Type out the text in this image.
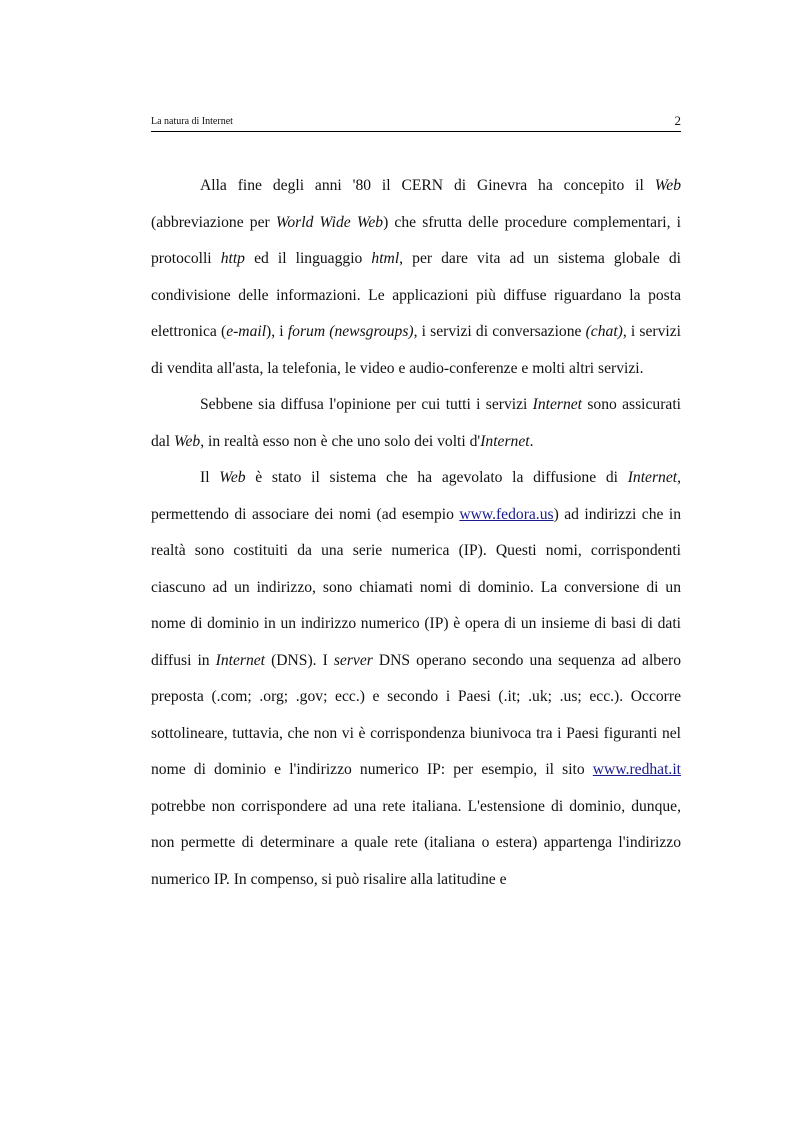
La natura di Internet	2

Alla fine degli anni '80 il CERN di Ginevra ha concepito il Web (abbreviazione per World Wide Web) che sfrutta delle procedure complementari, i protocolli http ed il linguaggio html, per dare vita ad un sistema globale di condivisione delle informazioni. Le applicazioni più diffuse riguardano la posta elettronica (e-mail), i forum (newsgroups), i servizi di conversazione (chat), i servizi di vendita all'asta, la telefonia, le video e audio-conferenze e molti altri servizi.

Sebbene sia diffusa l'opinione per cui tutti i servizi Internet sono assicurati dal Web, in realtà esso non è che uno solo dei volti d'Internet.

Il Web è stato il sistema che ha agevolato la diffusione di Internet, permettendo di associare dei nomi (ad esempio www.fedora.us) ad indirizzi che in realtà sono costituiti da una serie numerica (IP). Questi nomi, corrispondenti ciascuno ad un indirizzo, sono chiamati nomi di dominio. La conversione di un nome di dominio in un indirizzo numerico (IP) è opera di un insieme di basi di dati diffusi in Internet (DNS). I server DNS operano secondo una sequenza ad albero preposta (.com; .org; .gov; ecc.) e secondo i Paesi (.it; .uk; .us; ecc.). Occorre sottolineare, tuttavia, che non vi è corrispondenza biunivoca tra i Paesi figuranti nel nome di dominio e l'indirizzo numerico IP: per esempio, il sito www.redhat.it potrebbe non corrispondere ad una rete italiana. L'estensione di dominio, dunque, non permette di determinare a quale rete (italiana o estera) appartenga l'indirizzo numerico IP. In compenso, si può risalire alla latitudine e
